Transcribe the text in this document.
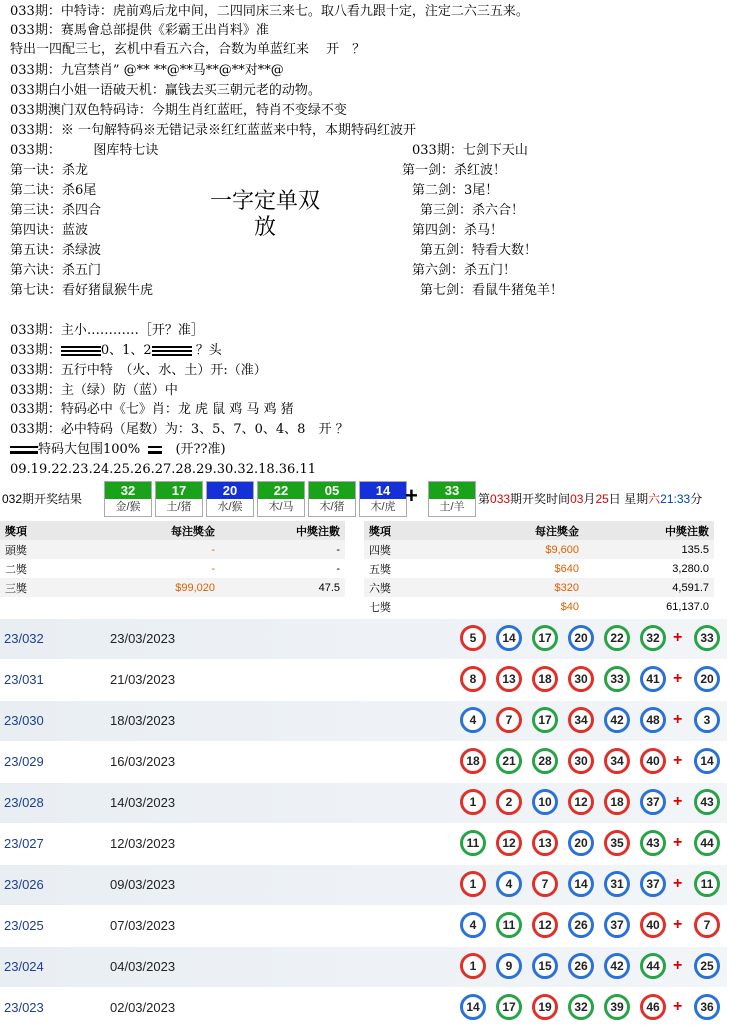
033期：中特诗：虎前鸡后龙中间，二四同床三来七。取八看九跟十定，注定二六三五来。
033期：赛馬會总部提供《彩霸王出肖料》准
特出一四配三七，玄机中看五六合，合数为单蓝红来　 开　？
033期：九宫禁肖” @** **@**马**@**对**@
033期白小姐一语破天机：赢钱去买三朝元老的动物。
033期澳门双色特码诗：今期生肖红蓝旺，特肖不变绿不变
033期：※ 一句解特码※无错记录※红红蓝蓝来中特，本期特码红波开
033期：　　　图库特七诀
第一诀：杀龙
第二诀：杀6尾
第三诀：杀四合
第四诀：蓝波
第五诀：杀绿波
第六诀：杀五门
第七诀：看好猪鼠猴牛虎
一字定单双放
033期：七剑下天山
第一剑：杀红波！
第二剑：3尾！
第三剑：杀六合！
第四剑：杀马！
第五剑：特看大数！
第六剑：杀五门！
第七剑：看鼠牛猪兔羊！
033期：主小…………［开？准］
033期：	0、1、2	？头
033期：五行中特　（火、水、土）开:（准）
033期：主（绿）防（蓝）中
033期：特码必中《七》肖：龙 虎 鼠 鸡 马 鸡 猪
033期：必中特码（尾数）为：3、5、7、0、4、8　开 ？
特码大包围100%  　(开??准)
09.19.22.23.24.25.26.27.28.29.30.32.18.36.11
032期开奖结果
32
金/猴
17
土/猪
20
水/猴
22
木/马
05
木/猪
14
木/虎 +	33
土/羊
第033期开奖时间03月25日 星期六21:33分
獎項	每注獎金	中獎注數
頭獎	-	-
二獎	-	-
三獎	$99,020	47.5
獎項	每注獎金	中獎注數
四獎	$9,600	135.5
五獎	$640	3,280.0
六獎	$320	4,591.7
七獎	$40	61,137.0
23/032	23/03/2023	5	14	17	20	22	32 +	33
23/031	21/03/2023	8	13	18	30	33	41 +	20
23/030	18/03/2023	4	7	17	34	42	48 +	3
23/029	16/03/2023	18	21	28	30	34	40 +	14
23/028	14/03/2023	1	2	10	12	18	37 +	43
23/027	12/03/2023	11	12	13	20	35	43 +	44
23/026	09/03/2023	1	4	7	14	31	37 +	11
23/025	07/03/2023	4	11	12	26	37	40 +	7
23/024	04/03/2023	1	9	15	26	42	44 +	25
23/023	02/03/2023	14	17	19	32	39	46 +	36
